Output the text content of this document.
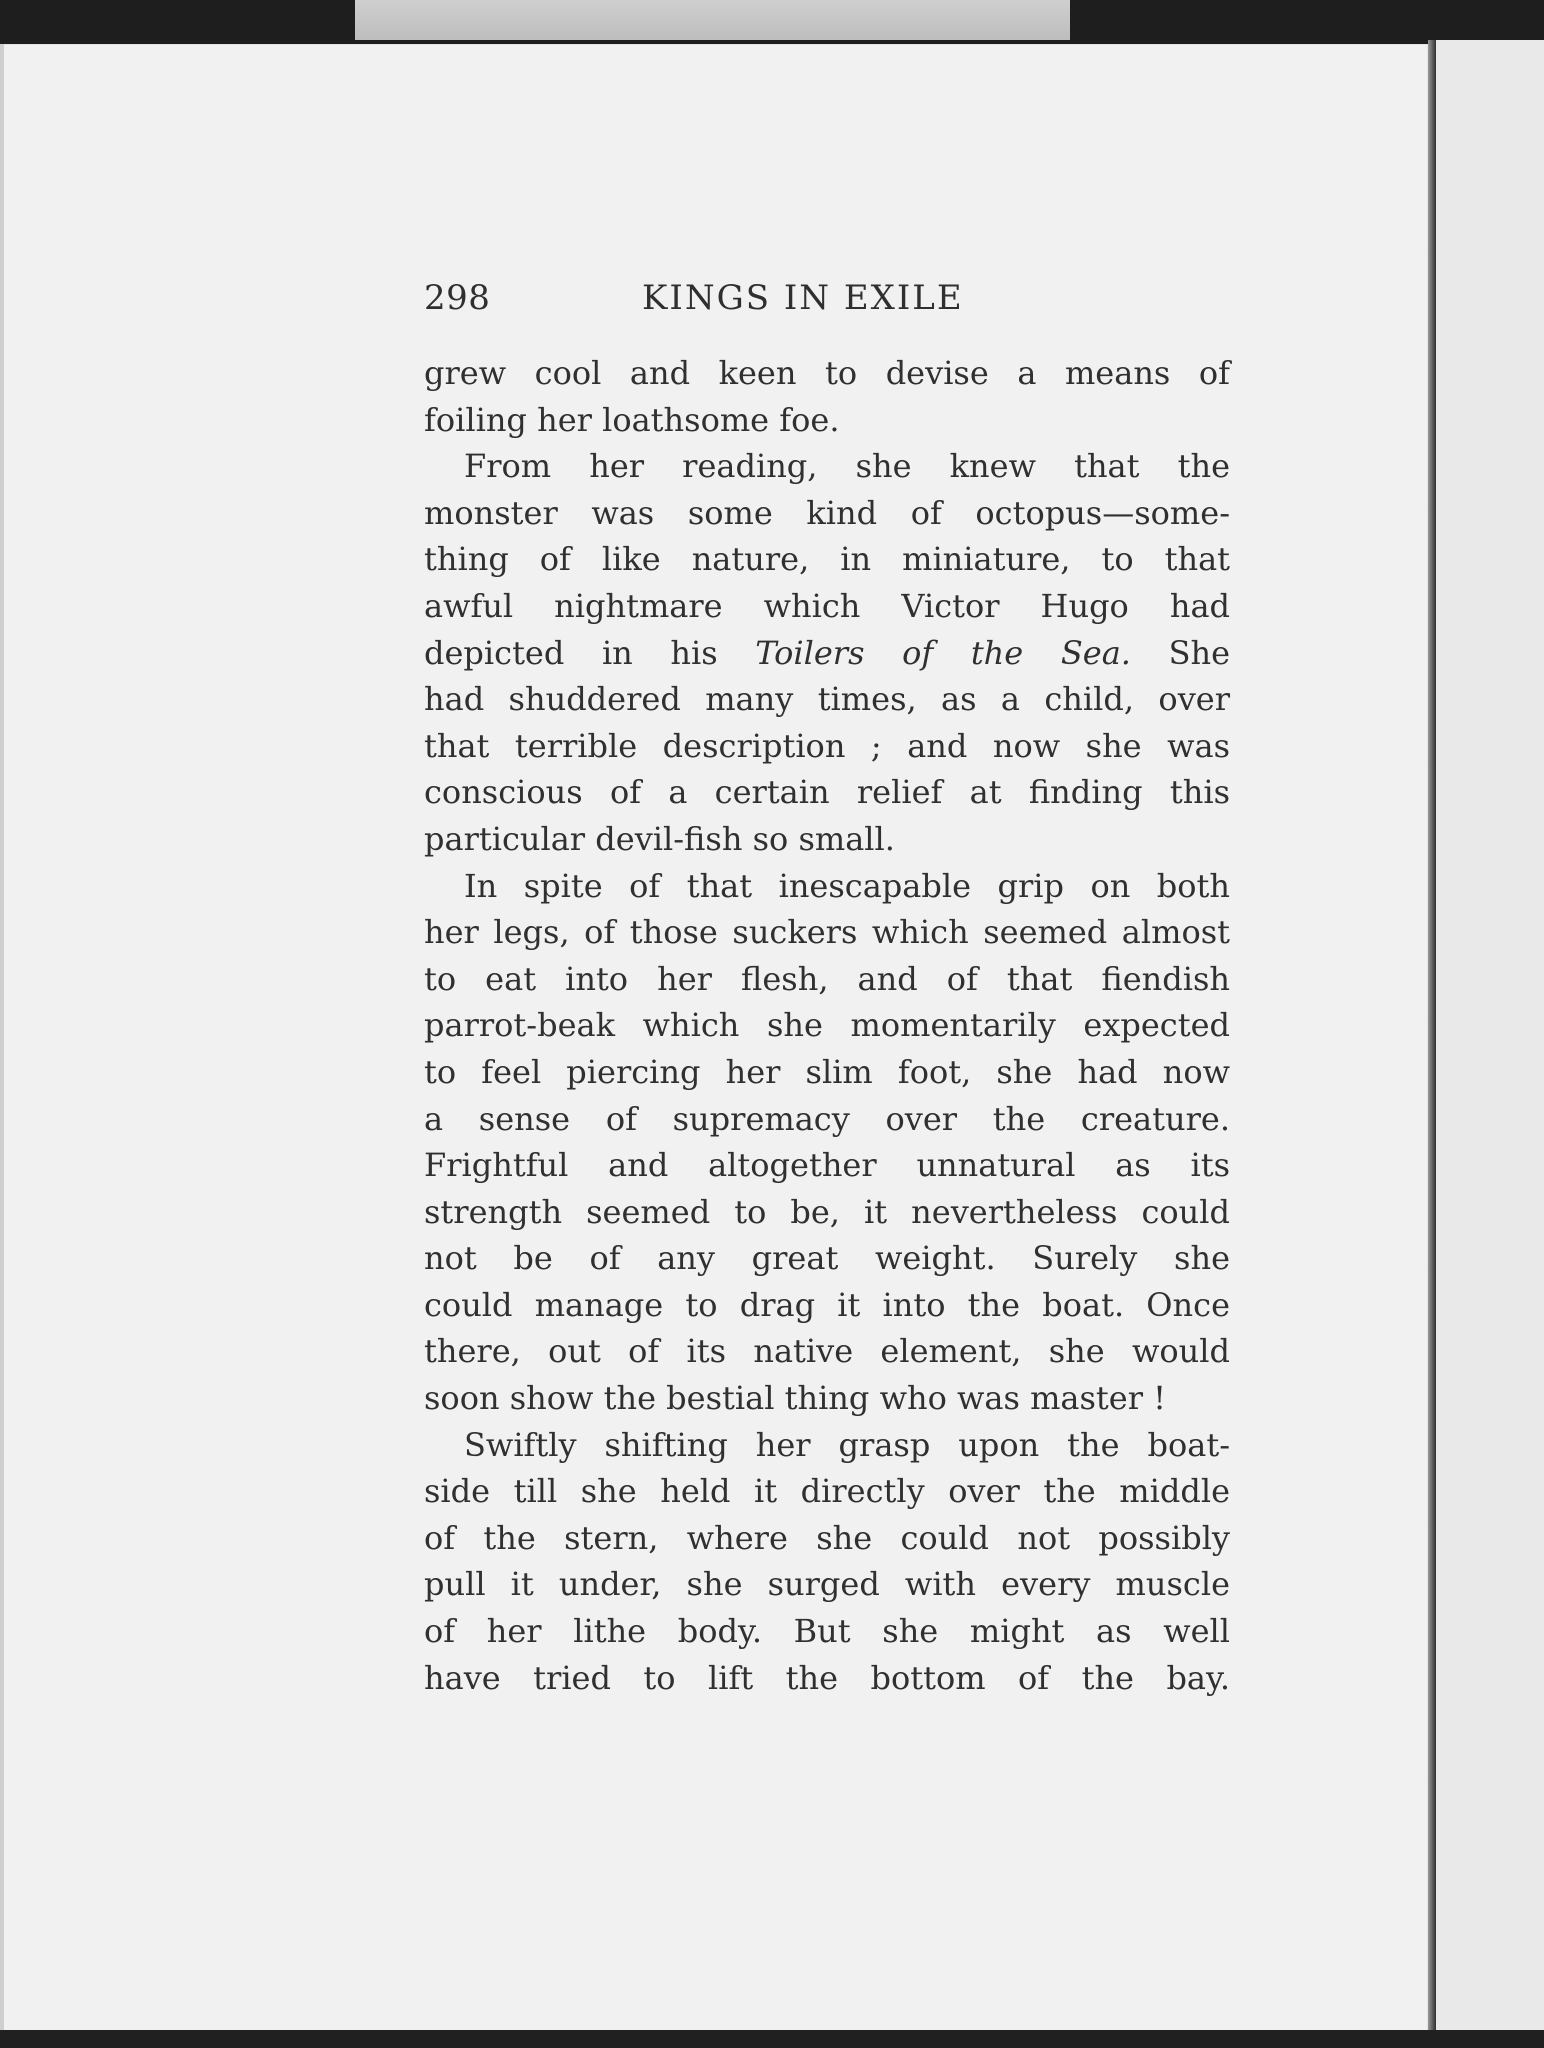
298	KINGS IN EXILE

grew cool and keen to devise a means of

foiling her loathsome foe.

From her reading, she knew that the

monster was some kind of octopus—some-

thing of like nature, in miniature, to that

awful nightmare which Victor Hugo had

depicted in his Toilers of the Sea. She

had shuddered many times, as a child, over

that terrible description ; and now she was

conscious of a certain relief at finding this

particular devil-fish so small.

In spite of that inescapable grip on both

her legs, of those suckers which seemed almost

to eat into her flesh, and of that fiendish

parrot-beak which she momentarily expected

to feel piercing her slim foot, she had now

a sense of supremacy over the creature.

Frightful and altogether unnatural as its

strength seemed to be, it nevertheless could

not be of any great weight. Surely she

could manage to drag it into the boat. Once

there, out of its native element, she would

soon show the bestial thing who was master !

Swiftly shifting her grasp upon the boat-

side till she held it directly over the middle

of the stern, where she could not possibly

pull it under, she surged with every muscle

of her lithe body. But she might as well

have tried to lift the bottom of the bay.
